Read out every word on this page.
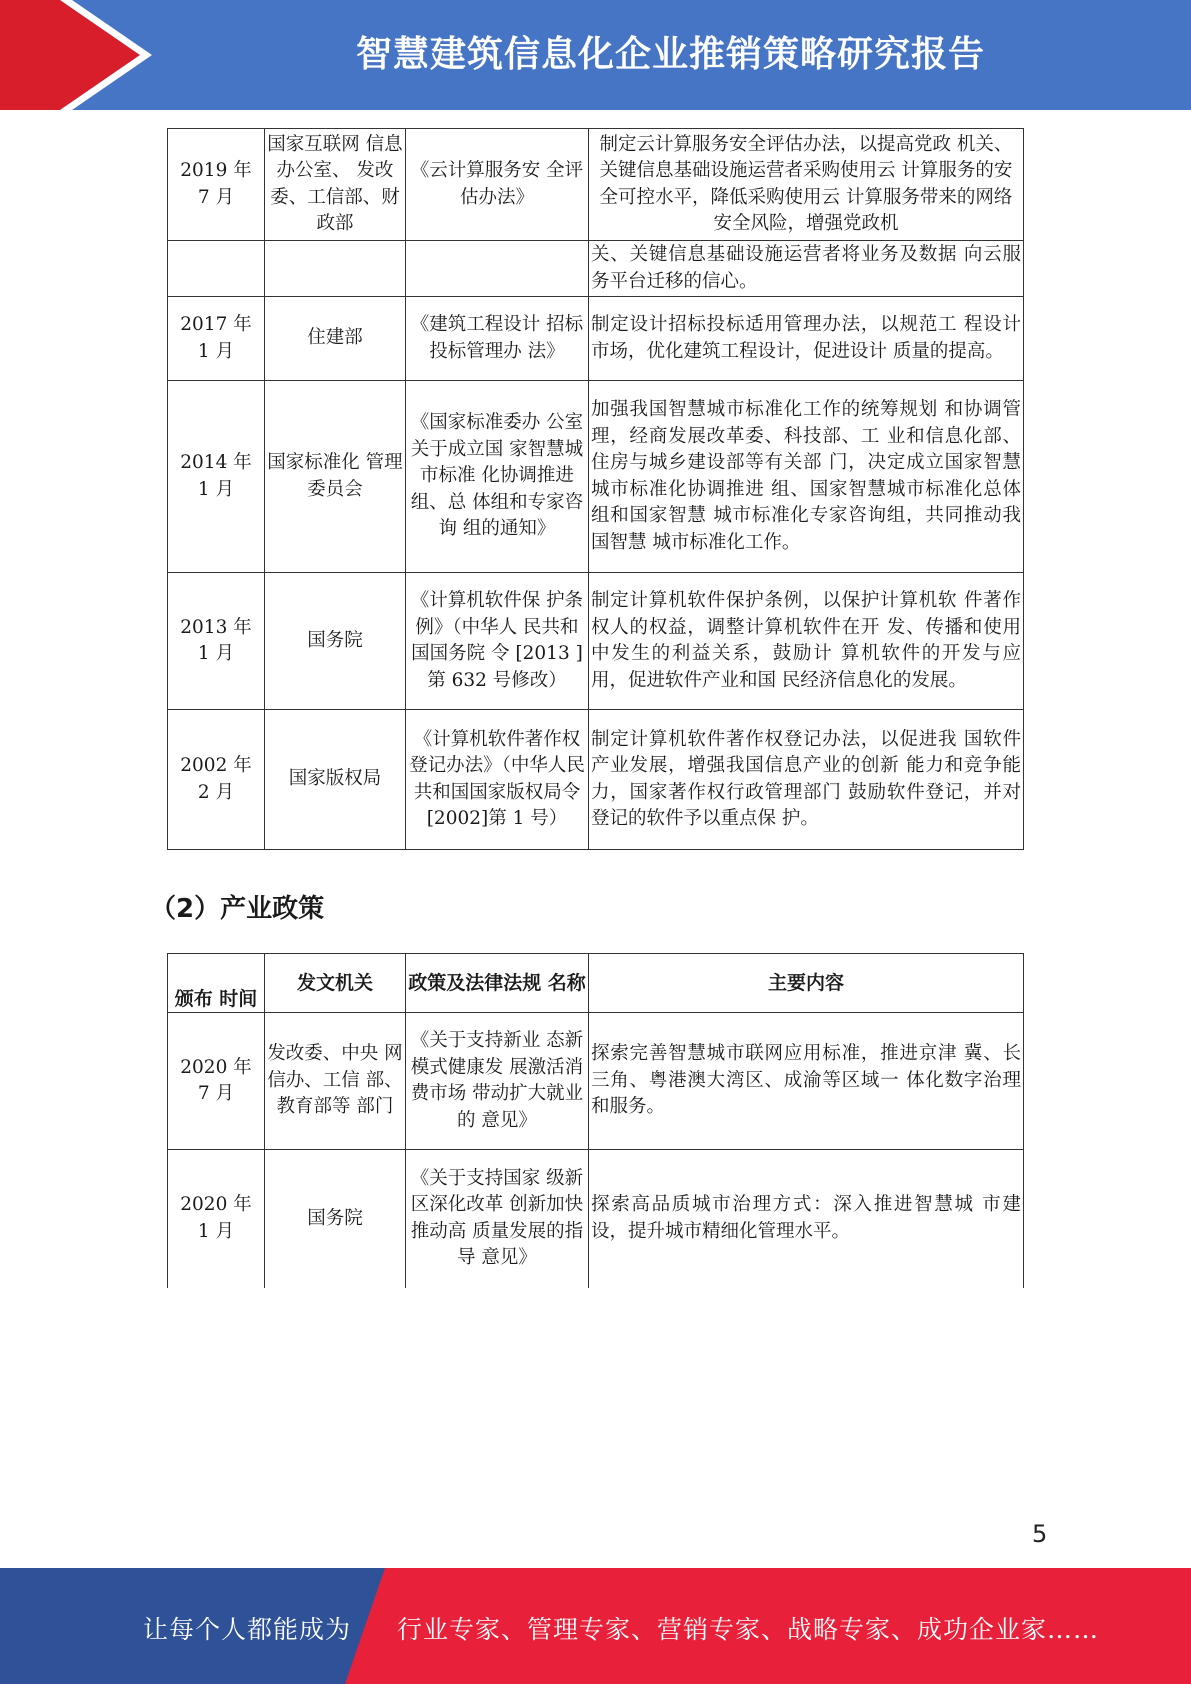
智慧建筑信息化企业推销策略研究报告
2019 年
7 月	国家互联网 信息办公室、 发改委、工信部、财政部	《云计算服务安 全评估办法》	制定云计算服务安全评估办法，以提高党政 机关、关键信息基础设施运营者采购使用云 计算服务的安全可控水平，降低采购使用云 计算服务带来的网络安全风险，增强党政机
			关、关键信息基础设施运营者将业务及数据 向云服务平台迁移的信心。
2017 年
1 月	住建部	《建筑工程设计 招标投标管理办 法》	制定设计招标投标适用管理办法，以规范工 程设计市场，优化建筑工程设计，促进设计 质量的提高。
2014 年
1 月	国家标准化 管理委员会	《国家标准委办 公室关于成立国 家智慧城市标准 化协调推进组、总 体组和专家咨询 组的通知》	加强我国智慧城市标准化工作的统筹规划 和协调管理，经商发展改革委、科技部、工 业和信息化部、住房与城乡建设部等有关部 门，决定成立国家智慧城市标准化协调推进 组、国家智慧城市标准化总体组和国家智慧 城市标准化专家咨询组，共同推动我国智慧 城市标准化工作。
2013 年
1 月	国务院	《计算机软件保 护条例》（中华人 民共和国国务院 令 [2013 ]第 632 号修改）	制定计算机软件保护条例，以保护计算机软 件著作权人的权益，调整计算机软件在开 发、传播和使用中发生的利益关系，鼓励计 算机软件的开发与应用，促进软件产业和国 民经济信息化的发展。
2002 年
2 月	国家版权局	《计算机软件著作权登记办法》（中华人民共和国国家版权局令 [2002]第 1 号）	制定计算机软件著作权登记办法，以促进我 国软件产业发展，增强我国信息产业的创新 能力和竞争能力，国家著作权行政管理部门 鼓励软件登记，并对登记的软件予以重点保 护。
（2）产业政策
颁布 时间	发文机关	政策及法律法规 名称	主要内容
2020 年
7 月	发改委、中央 网信办、工信 部、教育部等 部门	《关于支持新业 态新模式健康发 展激活消费市场 带动扩大就业的 意见》	探索完善智慧城市联网应用标准，推进京津 冀、长三角、粤港澳大湾区、成渝等区域一 体化数字治理和服务。
2020 年
1 月	国务院	《关于支持国家 级新区深化改革 创新加快推动高 质量发展的指导 意见》	探索高品质城市治理方式：深入推进智慧城 市建设，提升城市精细化管理水平。
5
让每个人都能成为 行业专家、管理专家、营销专家、战略专家、成功企业家……
